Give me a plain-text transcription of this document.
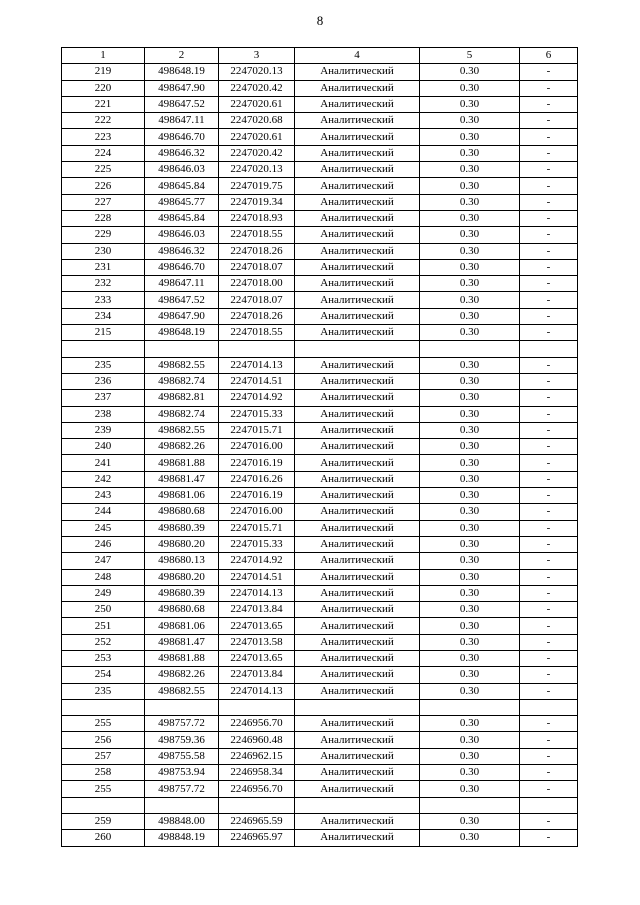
8
1	2	3	4	5	6
219	498648.19	2247020.13	Аналитический	0.30	-
220	498647.90	2247020.42	Аналитический	0.30	-
221	498647.52	2247020.61	Аналитический	0.30	-
222	498647.11	2247020.68	Аналитический	0.30	-
223	498646.70	2247020.61	Аналитический	0.30	-
224	498646.32	2247020.42	Аналитический	0.30	-
225	498646.03	2247020.13	Аналитический	0.30	-
226	498645.84	2247019.75	Аналитический	0.30	-
227	498645.77	2247019.34	Аналитический	0.30	-
228	498645.84	2247018.93	Аналитический	0.30	-
229	498646.03	2247018.55	Аналитический	0.30	-
230	498646.32	2247018.26	Аналитический	0.30	-
231	498646.70	2247018.07	Аналитический	0.30	-
232	498647.11	2247018.00	Аналитический	0.30	-
233	498647.52	2247018.07	Аналитический	0.30	-
234	498647.90	2247018.26	Аналитический	0.30	-
215	498648.19	2247018.55	Аналитический	0.30	-

235	498682.55	2247014.13	Аналитический	0.30	-
236	498682.74	2247014.51	Аналитический	0.30	-
237	498682.81	2247014.92	Аналитический	0.30	-
238	498682.74	2247015.33	Аналитический	0.30	-
239	498682.55	2247015.71	Аналитический	0.30	-
240	498682.26	2247016.00	Аналитический	0.30	-
241	498681.88	2247016.19	Аналитический	0.30	-
242	498681.47	2247016.26	Аналитический	0.30	-
243	498681.06	2247016.19	Аналитический	0.30	-
244	498680.68	2247016.00	Аналитический	0.30	-
245	498680.39	2247015.71	Аналитический	0.30	-
246	498680.20	2247015.33	Аналитический	0.30	-
247	498680.13	2247014.92	Аналитический	0.30	-
248	498680.20	2247014.51	Аналитический	0.30	-
249	498680.39	2247014.13	Аналитический	0.30	-
250	498680.68	2247013.84	Аналитический	0.30	-
251	498681.06	2247013.65	Аналитический	0.30	-
252	498681.47	2247013.58	Аналитический	0.30	-
253	498681.88	2247013.65	Аналитический	0.30	-
254	498682.26	2247013.84	Аналитический	0.30	-
235	498682.55	2247014.13	Аналитический	0.30	-

255	498757.72	2246956.70	Аналитический	0.30	-
256	498759.36	2246960.48	Аналитический	0.30	-
257	498755.58	2246962.15	Аналитический	0.30	-
258	498753.94	2246958.34	Аналитический	0.30	-
255	498757.72	2246956.70	Аналитический	0.30	-

259	498848.00	2246965.59	Аналитический	0.30	-
260	498848.19	2246965.97	Аналитический	0.30	-
